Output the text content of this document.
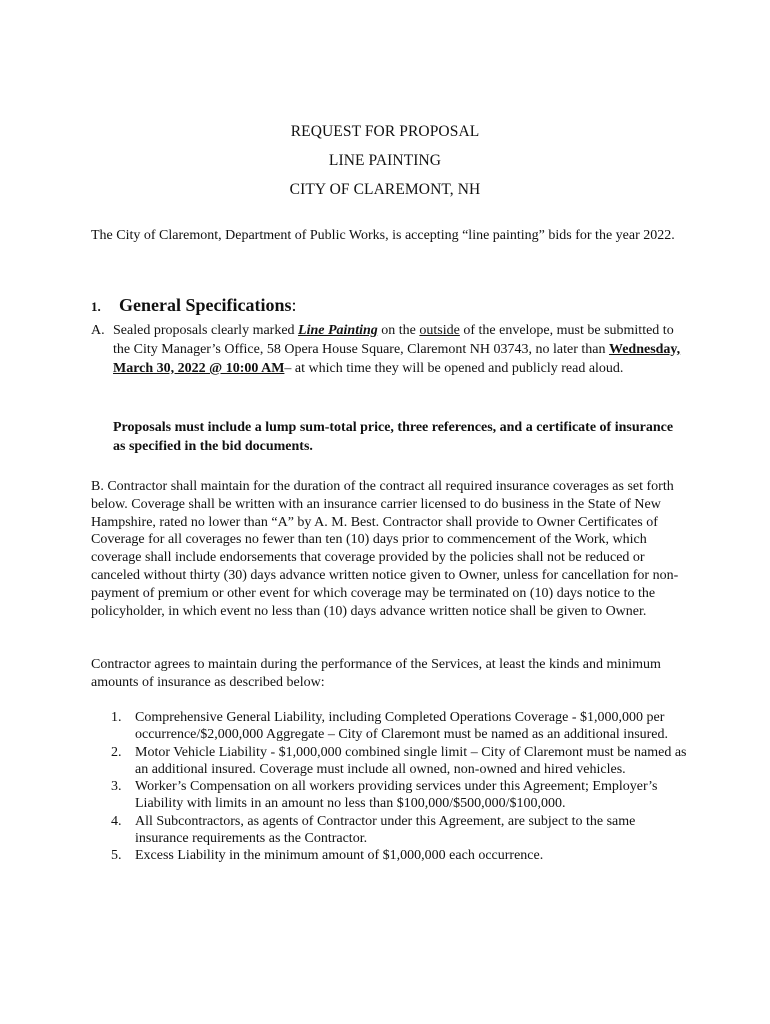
REQUEST FOR PROPOSAL
LINE PAINTING
CITY OF CLAREMONT, NH
The City of Claremont, Department of Public Works, is accepting “line painting” bids for the year 2022.
1. General Specifications:
A. Sealed proposals clearly marked Line Painting on the outside of the envelope, must be submitted to the City Manager’s Office, 58 Opera House Square, Claremont NH 03743, no later than Wednesday, March 30, 2022 @ 10:00 AM– at which time they will be opened and publicly read aloud.
Proposals must include a lump sum-total price, three references, and a certificate of insurance as specified in the bid documents.
B. Contractor shall maintain for the duration of the contract all required insurance coverages as set forth below. Coverage shall be written with an insurance carrier licensed to do business in the State of New Hampshire, rated no lower than “A” by A. M. Best. Contractor shall provide to Owner Certificates of Coverage for all coverages no fewer than ten (10) days prior to commencement of the Work, which coverage shall include endorsements that coverage provided by the policies shall not be reduced or canceled without thirty (30) days advance written notice given to Owner, unless for cancellation for non-payment of premium or other event for which coverage may be terminated on (10) days notice to the policyholder, in which event no less than (10) days advance written notice shall be given to Owner.
Contractor agrees to maintain during the performance of the Services, at least the kinds and minimum amounts of insurance as described below:
1. Comprehensive General Liability, including Completed Operations Coverage - $1,000,000 per occurrence/$2,000,000 Aggregate – City of Claremont must be named as an additional insured.
2. Motor Vehicle Liability - $1,000,000 combined single limit – City of Claremont must be named as an additional insured. Coverage must include all owned, non-owned and hired vehicles.
3. Worker’s Compensation on all workers providing services under this Agreement; Employer’s Liability with limits in an amount no less than $100,000/$500,000/$100,000.
4. All Subcontractors, as agents of Contractor under this Agreement, are subject to the same insurance requirements as the Contractor.
5. Excess Liability in the minimum amount of $1,000,000 each occurrence.
